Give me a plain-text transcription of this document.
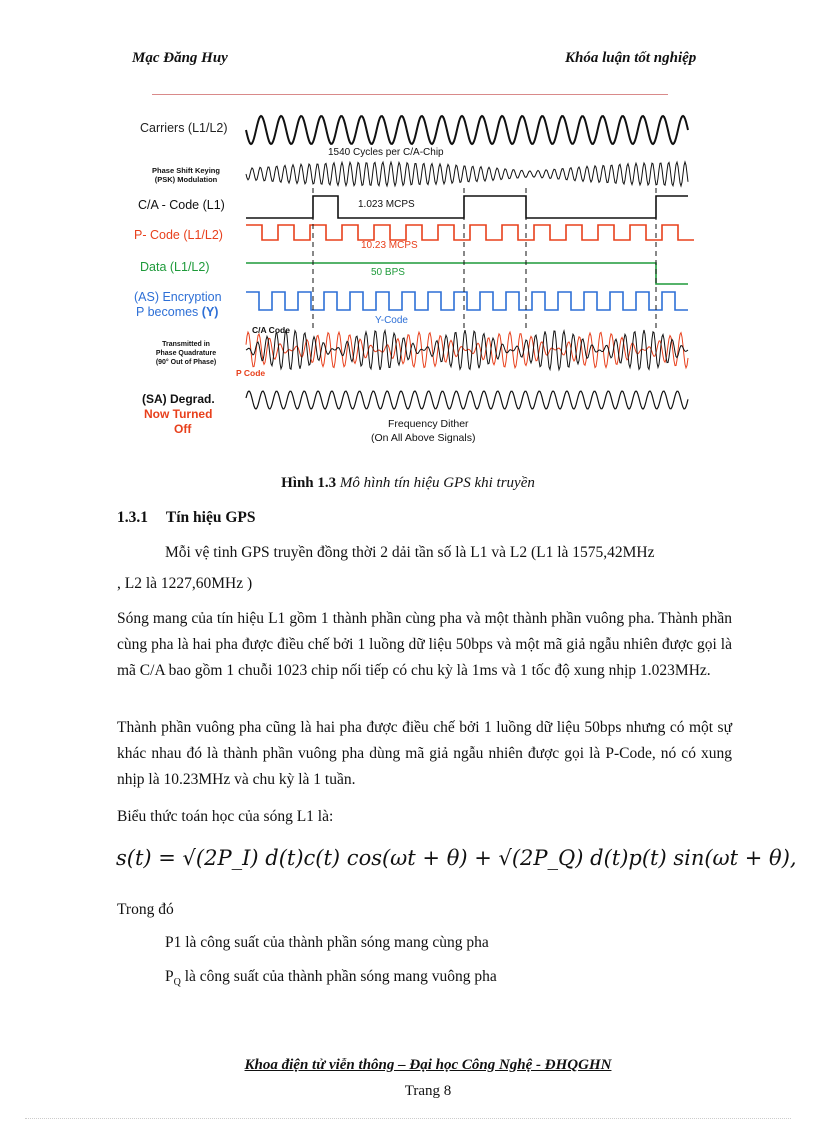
Mạc Đăng Huy	Khóa luận tốt nghiệp
Carriers (L1/L2)
Phase Shift Keying
(PSK) Modulation
C/A - Code (L1)
P- Code (L1/L2)
Data (L1/L2)
(AS) Encryption
P becomes (Y)
Transmitted in
Phase Quadrature
(90° Out of Phase)
(SA) Degrad.
Now Turned
Off
1540 Cycles per C/A-Chip
1.023 MCPS
10.23 MCPS
50 BPS
Y-Code
C/A Code
P Code
Frequency Dither
(On All Above Signals)
Hình 1.3 Mô hình tín hiệu GPS khi truyền
1.3.1 Tín hiệu GPS
Mỗi vệ tinh GPS truyền đồng thời 2 dải tần số là L1 và L2 (L1 là 1575,42MHz
, L2 là 1227,60MHz )
Sóng mang của tín hiệu L1 gồm 1 thành phần cùng pha và một thành phần vuông pha. Thành phần cùng pha là hai pha được điều chế bởi 1 luồng dữ liệu 50bps và một mã giả ngẫu nhiên được gọi là mã C/A bao gồm 1 chuỗi 1023 chip nối tiếp có chu kỳ là 1ms và 1 tốc độ xung nhịp 1.023MHz.
Thành phần vuông pha cũng là hai pha được điều chế bởi 1 luồng dữ liệu 50bps nhưng có một sự khác nhau đó là thành phần vuông pha dùng mã giả ngẫu nhiên được gọi là P-Code, nó có xung nhịp là 10.23MHz và chu kỳ là 1 tuần.
Biểu thức toán học của sóng L1 là:
s(t) = √(2P_I) d(t)c(t) cos(ωt + θ) + √(2P_Q) d(t)p(t) sin(ωt + θ),
Trong đó
P1 là công suất của thành phần sóng mang cùng pha
$P_Q$ là công suất của thành phần sóng mang vuông pha
Khoa điện tử viễn thông – Đại học Công Nghệ - ĐHQGHN
Trang 8
